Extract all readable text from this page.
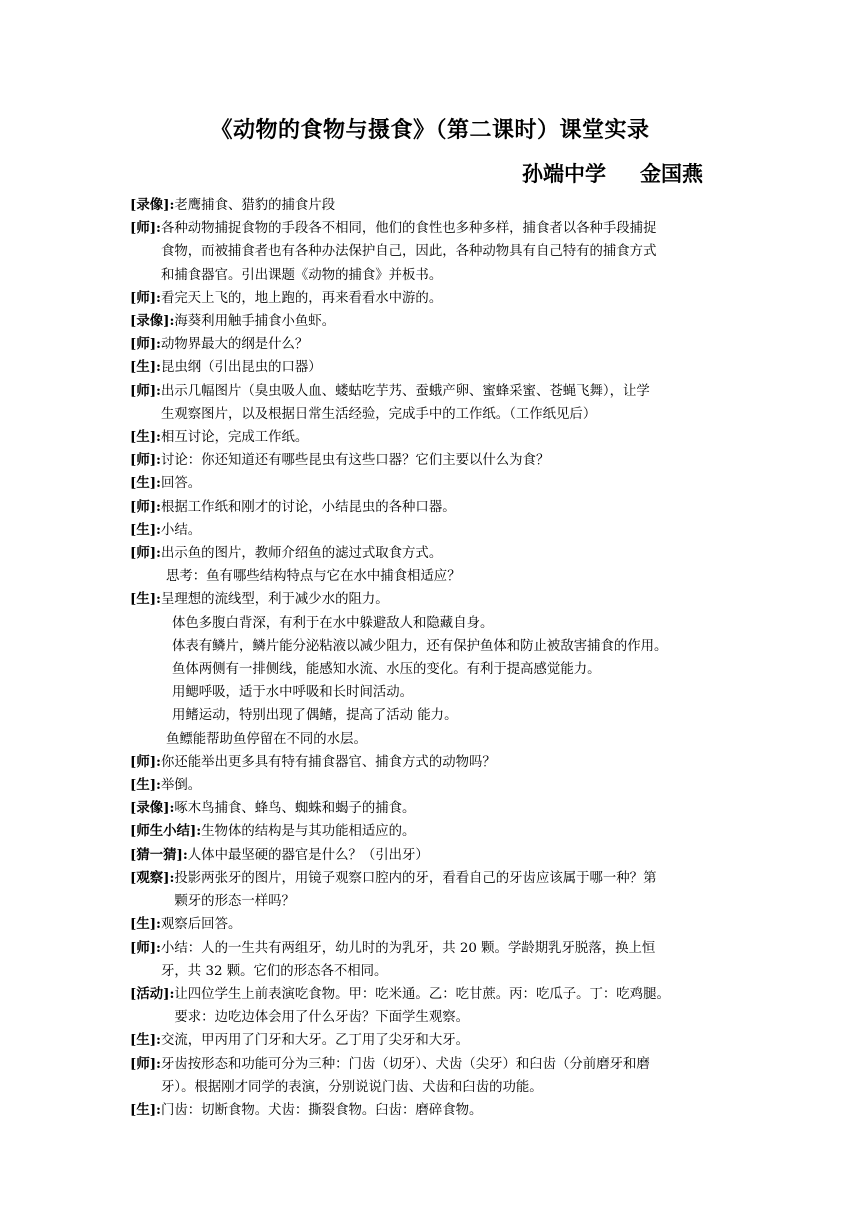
《动物的食物与摄食》（第二课时）课堂实录
孙端中学 金国燕
[录像]: 老鹰捕食、猎豹的捕食片段
[师]: 各种动物捕捉食物的手段各不相同，他们的食性也多种多样，捕食者以各种手段捕捉
食物，而被捕食者也有各种办法保护自己，因此，各种动物具有自己特有的捕食方式
和捕食器官。引出课题《动物的捕食》并板书。
[师]: 看完天上飞的，地上跑的，再来看看水中游的。
[录像]: 海葵利用触手捕食小鱼虾。
[师]: 动物界最大的纲是什么？
[生]: 昆虫纲（引出昆虫的口器）
[师]: 出示几幅图片（臭虫吸人血、蝼蛄吃芋艿、蚕蛾产卵、蜜蜂采蜜、苍蝇飞舞），让学
生观察图片，以及根据日常生活经验，完成手中的工作纸。（工作纸见后）
[生]: 相互讨论，完成工作纸。
[师]: 讨论：你还知道还有哪些昆虫有这些口器？它们主要以什么为食？
[生]: 回答。
[师]: 根据工作纸和刚才的讨论，小结昆虫的各种口器。
[生]: 小结。
[师]: 出示鱼的图片，教师介绍鱼的滤过式取食方式。
思考：鱼有哪些结构特点与它在水中捕食相适应？
[生]: 呈理想的流线型，利于减少水的阻力。
体色多腹白背深，有利于在水中躲避敌人和隐藏自身。
体表有鳞片，鳞片能分泌粘液以减少阻力，还有保护鱼体和防止被敌害捕食的作用。
鱼体两侧有一排侧线，能感知水流、水压的变化。有利于提高感觉能力。
用鳃呼吸，适于水中呼吸和长时间活动。
用鳍运动，特别出现了偶鳍，提高了活动 能力。
鱼鳔能帮助鱼停留在不同的水层。
[师]: 你还能举出更多具有特有捕食器官、捕食方式的动物吗？
[生]: 举倒。
[录像]: 啄木鸟捕食、蜂鸟、蜘蛛和蝎子的捕食。
[师生小结]: 生物体的结构是与其功能相适应的。
[猜一猜]: 人体中最坚硬的器官是什么？（引出牙）
[观察]: 投影两张牙的图片，用镜子观察口腔内的牙，看看自己的牙齿应该属于哪一种？第
颗牙的形态一样吗？
[生]: 观察后回答。
[师]: 小结：人的一生共有两组牙，幼儿时的为乳牙，共 20 颗。学龄期乳牙脱落，换上恒
牙，共 32 颗。它们的形态各不相同。
[活动]: 让四位学生上前表演吃食物。甲：吃米通。乙：吃甘蔗。丙：吃瓜子。丁：吃鸡腿。
要求：边吃边体会用了什么牙齿？下面学生观察。
[生]: 交流，甲丙用了门牙和大牙。乙丁用了尖牙和大牙。
[师]: 牙齿按形态和功能可分为三种：门齿（切牙）、犬齿（尖牙）和臼齿（分前磨牙和磨
牙）。根据刚才同学的表演，分别说说门齿、犬齿和臼齿的功能。
[生]: 门齿：切断食物。犬齿：撕裂食物。臼齿：磨碎食物。
